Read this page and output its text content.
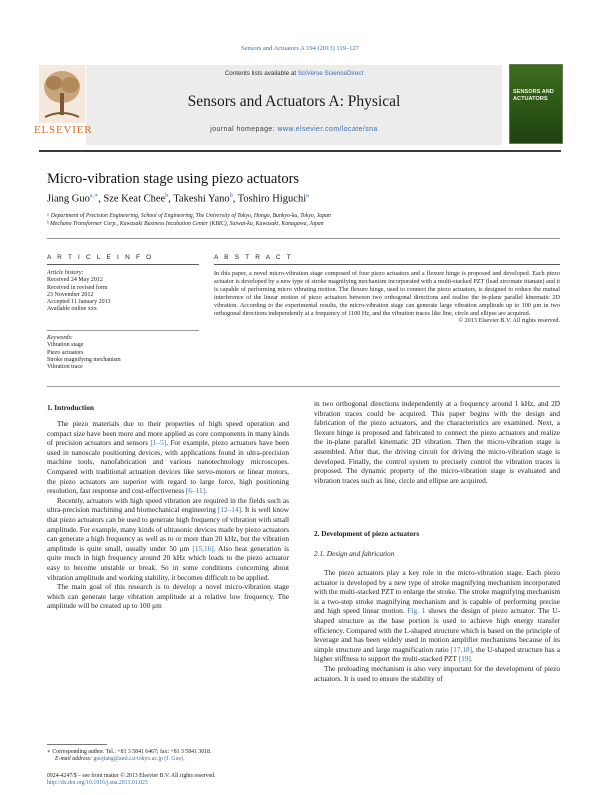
Sensors and Actuators A 194 (2013) 119–127
ELSEVIER
Contents lists available at SciVerse ScienceDirect
Sensors and Actuators A: Physical
journal homepage: www.elsevier.com/locate/sna
SENSORS AND ACTUATORS
Micro-vibration stage using piezo actuators
Jiang Guo$^{a,∗}$, Sze Keat Chee$^b$, Takeshi Yano$^b$, Toshiro Higuchi$^a$
ᵃ Department of Precision Engineering, School of Engineering, The University of Tokyo, Hongo, Bunkyo-ku, Tokyo, Japan
ᵇ Mechano Transformer Corp., Kawasaki Business Incubation Center (KBIC), Saiwai-ku, Kawasaki, Kanagawa, Japan
A R T I C L E I N F O	A B S T R A C T
Article history:
Received 24 May 2012
Received in revised form
23 November 2012
Accepted 11 January 2013
Available online xxx
Keywords:
Vibration stage
Piezo actuators
Stroke magnifying mechanism
Vibration trace
In this paper, a novel micro-vibration stage composed of four piezo actuators and a flexure hinge is proposed and developed. Each piezo actuator is developed by a new type of stroke magnifying mechanism incorporated with a multi-stacked PZT (lead zirconate titanate) and it is capable of performing micro vibrating motion. The flexure hinge, used to connect the piezo actuators, is designed to reduce the mutual interference of the linear motion of piezo actuators between two orthogonal directions and realize the in-plane parallel kinematic 2D vibration. According to the experimental results, the micro-vibration stage can generate large vibration amplitude up to 100 μm in two orthogonal directions independently at a frequency of 1100 Hz, and the vibration traces like line, circle and ellipse are acquired.
© 2013 Elsevier B.V. All rights reserved.
1. Introduction

The piezo materials due to their properties of high speed operation and compact size have been more and more applied as core components in many kinds of precision actuators and sensors [1–5]. For example, piezo actuators have been used in nanoscale positioning devices, with applications found in ultra-precision machine tools, nanofabrication and various nanotechnology microscopes. Compared with traditional actuation devices like servo-motors or linear motors, the piezo actuators are superior with regard to large force, high positioning resolution, fast response and cost-effectiveness [6–11].

Recently, actuators with high speed vibration are required in the fields such as ultra-precision machining and biomechanical engineering [12–14]. It is well know that piezo actuators can be used to generate high frequency of vibration with small amplitude. For example, many kinds of ultrasonic devices made by piezo actuators can generate a high frequency as well as to or more than 20 kHz, but the vibration amplitude is quite small, usually under 50 μm [15,16]. Also heat generation is quite much in high frequency around 20 kHz which leads to the piezo actuator easy to become unstable or break. So in some conditions concerning about vibration amplitude and working stability, it becomes difficult to be applied.

The main goal of this research is to develop a novel micro-vibration stage which can generate large vibration amplitude at a relative low frequency. The amplitude will be created up to 100 μm

in two orthogonal directions independently at a frequency around 1 kHz, and 2D vibration traces could be acquired. This paper begins with the design and fabrication of the piezo actuators, and the characteristics are examined. Next, a flexure hinge is proposed and fabricated to connect the piezo actuators and realize the in-plane parallel kinematic 2D vibration. Then the micro-vibration stage is assembled. After that, the driving circuit for driving the micro-vibration stage is developed. Finally, the control system to precisely control the vibration traces is proposed. The dynamic property of the micro-vibration stage is evaluated and vibration traces such as line, circle and ellipse are acquired.
2. Development of piezo actuators
2.1. Design and fabrication

The piezo actuators play a key role in the micro-vibration stage. Each piezo actuator is developed by a new type of stroke magnifying mechanism incorporated with the multi-stacked PZT to enlarge the stroke. The stroke magnifying mechanism is a two-step stroke magnifying mechanism and is capable of performing precise and high speed linear motion. Fig. 1 shows the design of piezo actuator. The U-shaped structure as the base portion is used to achieve high energy transfer efficiency. Compared with the L-shaped structure which is based on the principle of leverage and has been widely used in motion amplifier mechanisms because of its simple structure and large magnification ratio [17,18], the U-shaped structure has a higher stiffness to support the multi-stacked PZT [19].

The preloading mechanism is also very important for the development of piezo actuators. It is used to ensure the stability of

∗ Corresponding author. Tel.: +81 3 5841 6467; fax: +81 3 5841 3018.
E-mail address: guojiang@aml.t.u-tokyo.ac.jp (J. Guo).
0924-4247/$ – see front matter © 2013 Elsevier B.V. All rights reserved.
http://dx.doi.org/10.1016/j.sna.2013.01.025
